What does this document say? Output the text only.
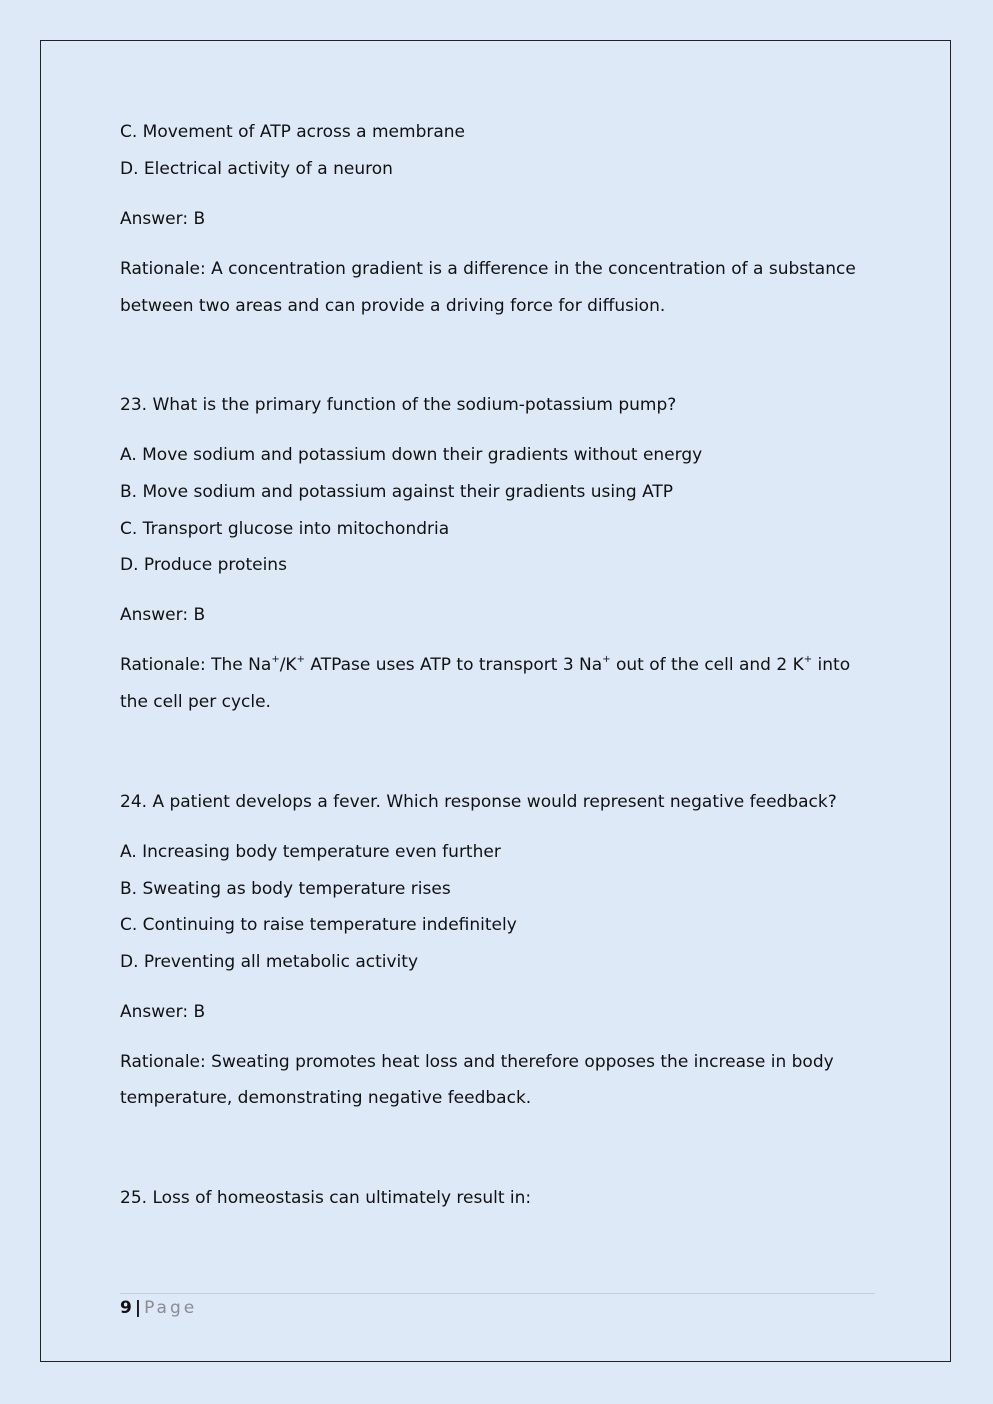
C. Movement of ATP across a membrane
D. Electrical activity of a neuron
Answer: B
Rationale: A concentration gradient is a difference in the concentration of a substance
between two areas and can provide a driving force for diffusion.
23. What is the primary function of the sodium-potassium pump?
A. Move sodium and potassium down their gradients without energy
B. Move sodium and potassium against their gradients using ATP
C. Transport glucose into mitochondria
D. Produce proteins
Answer: B
Rationale: The Na+/K+ ATPase uses ATP to transport 3 Na+ out of the cell and 2 K+ into
the cell per cycle.
24. A patient develops a fever. Which response would represent negative feedback?
A. Increasing body temperature even further
B. Sweating as body temperature rises
C. Continuing to raise temperature indefinitely
D. Preventing all metabolic activity
Answer: B
Rationale: Sweating promotes heat loss and therefore opposes the increase in body
temperature, demonstrating negative feedback.
25. Loss of homeostasis can ultimately result in:
9 | Page
